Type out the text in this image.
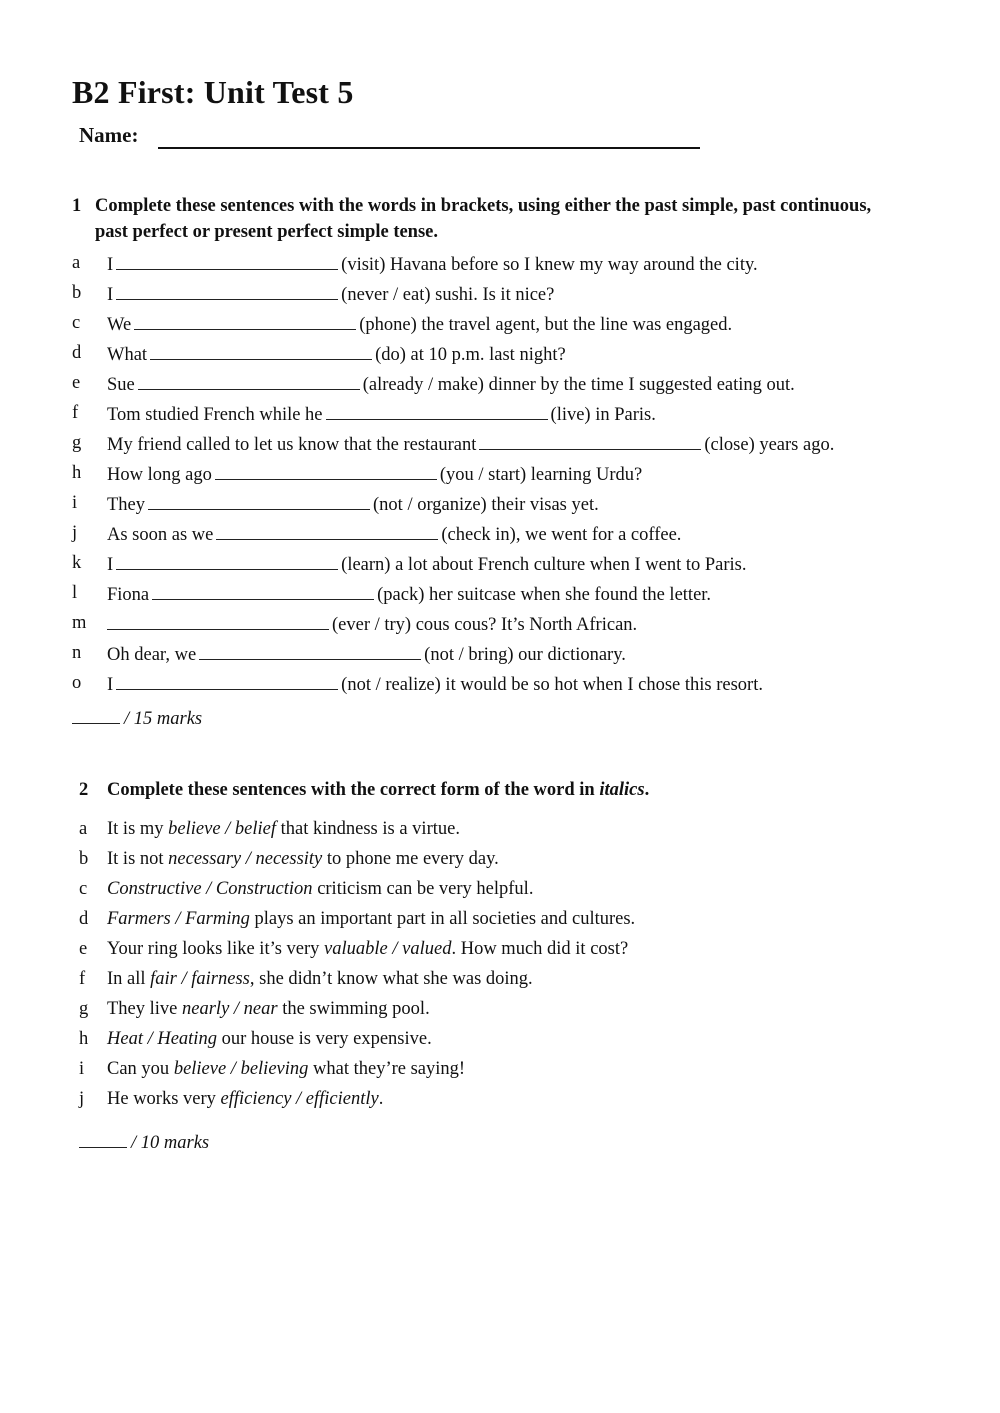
B2 First: Unit Test 5
Name:
1 Complete these sentences with the words in brackets, using either the past simple, past continuous, past perfect or present perfect simple tense.
a I	(visit) Havana before so I knew my way around the city.
b I	(never / eat) sushi. Is it nice?
c We	(phone) the travel agent, but the line was engaged.
d What	(do) at 10 p.m. last night?
e Sue	(already / make) dinner by the time I suggested eating out.
f Tom studied French while he	(live) in Paris.
g My friend called to let us know that the restaurant	(close) years ago.
h How long ago	(you / start) learning Urdu?
i They	(not / organize) their visas yet.
j As soon as we	(check in), we went for a coffee.
k I	(learn) a lot about French culture when I went to Paris.
l Fiona	(pack) her suitcase when she found the letter.
m	(ever / try) cous cous? It’s North African.
n Oh dear, we	(not / bring) our dictionary.
o I	(not / realize) it would be so hot when I chose this resort.
/ 15 marks
2 Complete these sentences with the correct form of the word in italics.
a It is my believe / belief that kindness is a virtue.
b It is not necessary / necessity to phone me every day.
c Constructive / Construction criticism can be very helpful.
d Farmers / Farming plays an important part in all societies and cultures.
e Your ring looks like it’s very valuable / valued. How much did it cost?
f In all fair / fairness, she didn’t know what she was doing.
g They live nearly / near the swimming pool.
h Heat / Heating our house is very expensive.
i Can you believe / believing what they’re saying!
j He works very efficiency / efficiently.
/ 10 marks
